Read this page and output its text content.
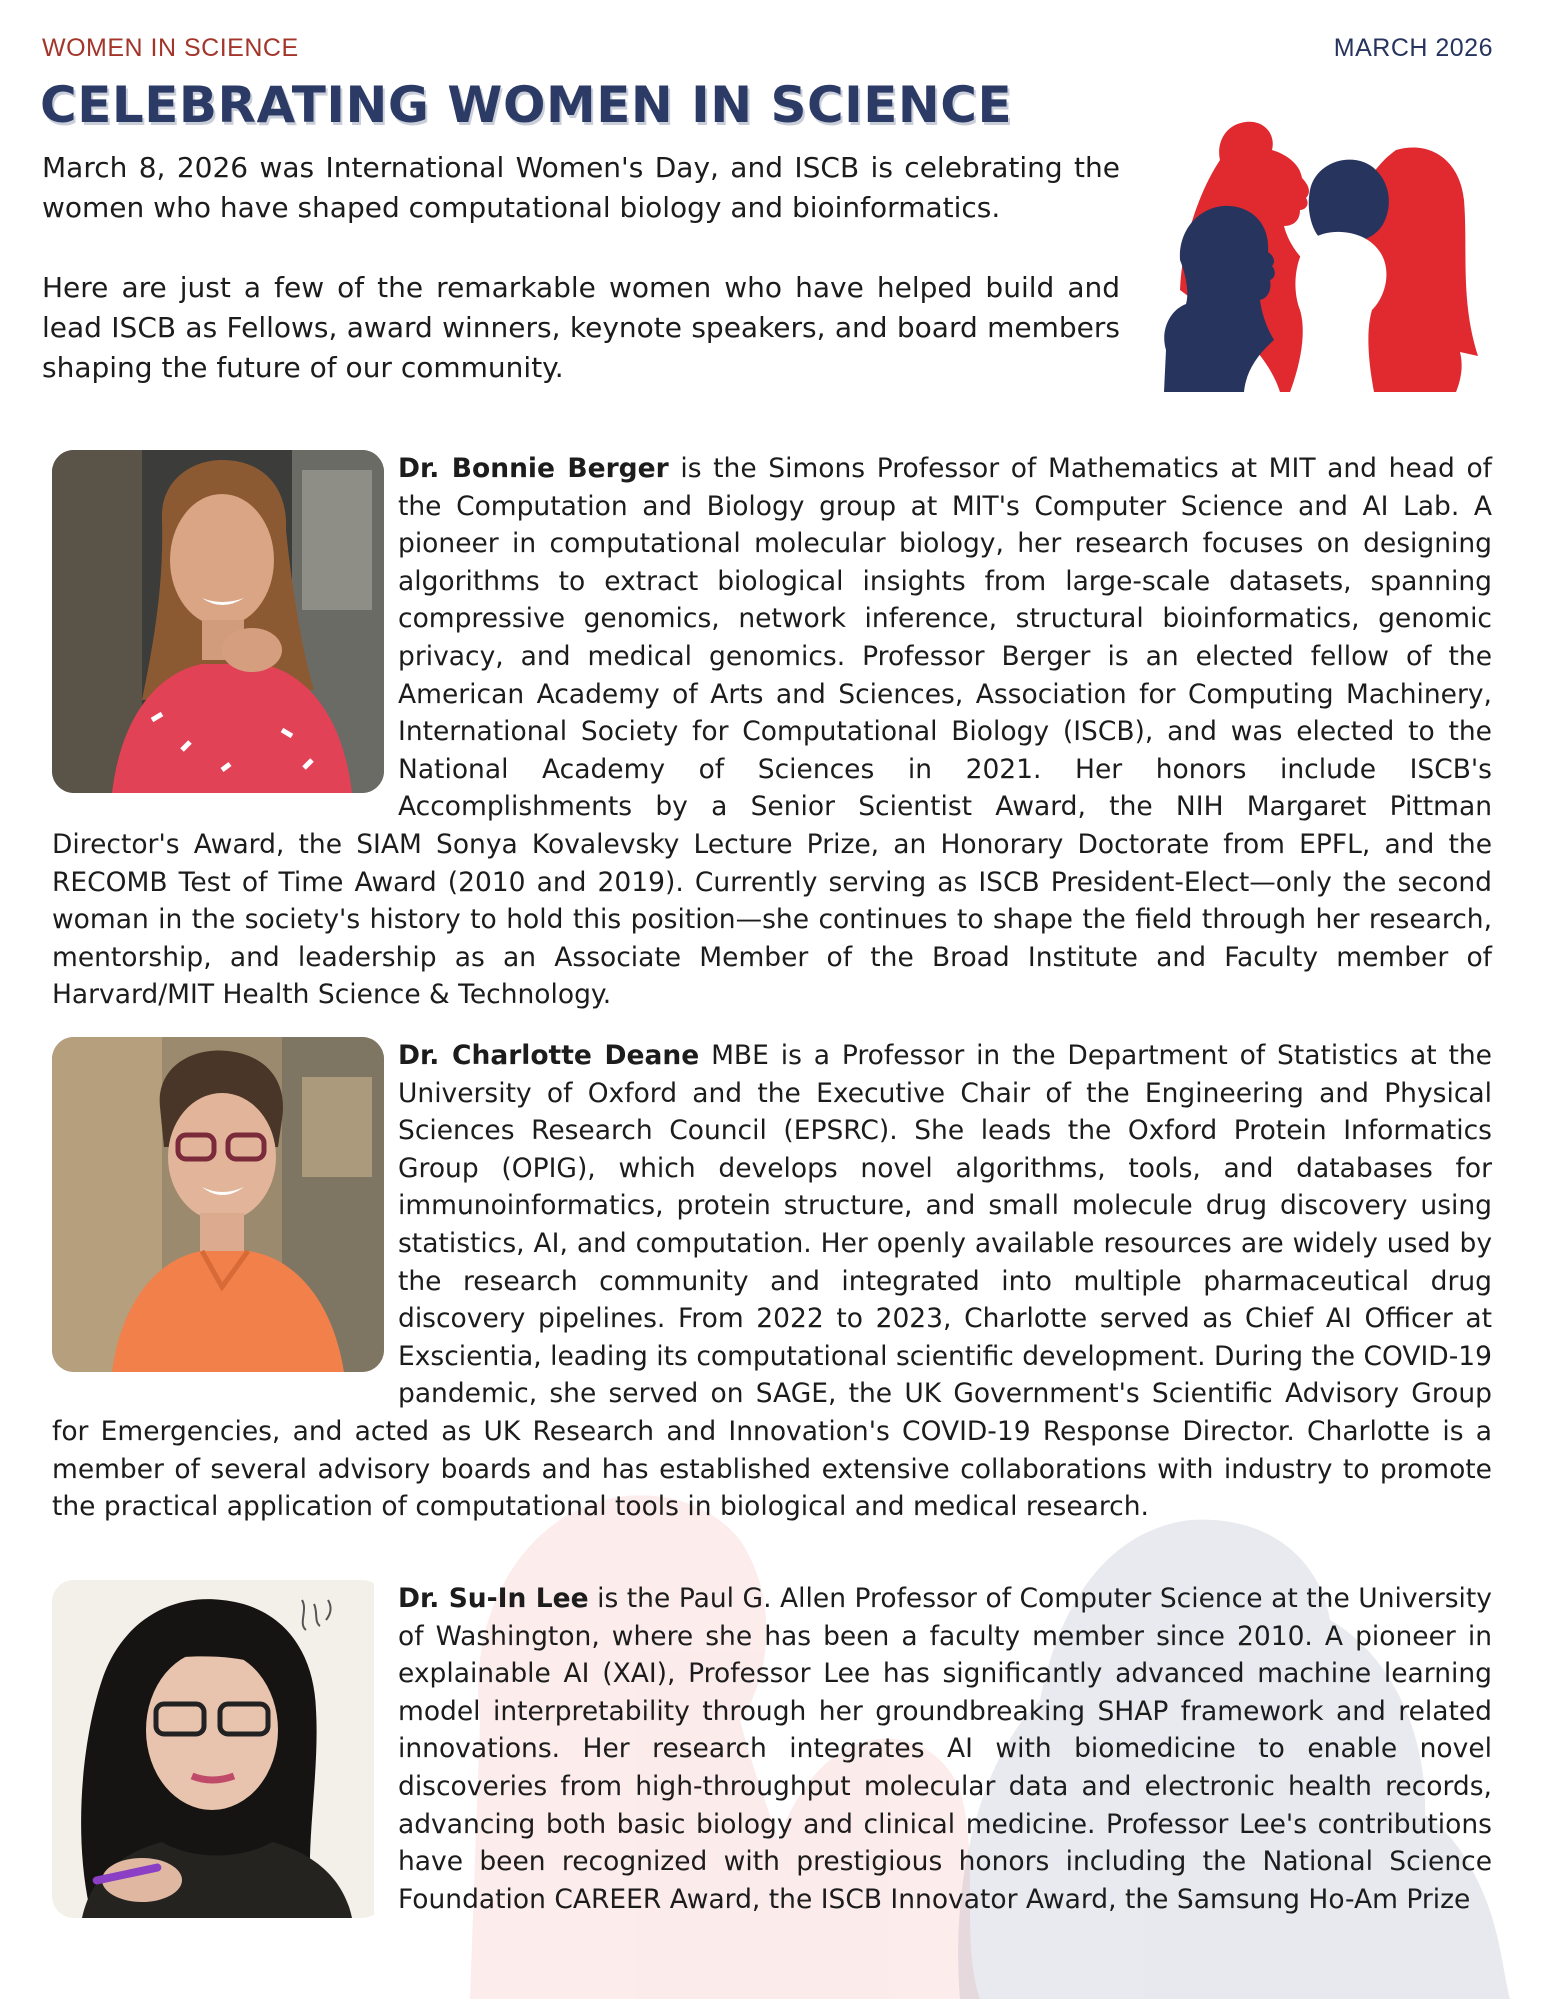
WOMEN IN SCIENCE	MARCH 2026
CELEBRATING WOMEN IN SCIENCE

March 8, 2026 was International Women's Day, and ISCB is celebrating the women who have shaped computational biology and bioinformatics.

Here are just a few of the remarkable women who have helped build and lead ISCB as Fellows, award winners, keynote speakers, and board members shaping the future of our community.

Dr. Bonnie Berger is the Simons Professor of Mathematics at MIT and head of the Computation and Biology group at MIT's Computer Science and AI Lab. A pioneer in computational molecular biology, her research focuses on designing algorithms to extract biological insights from large-scale datasets, spanning compressive genomics, network inference, structural bioinformatics, genomic privacy, and medical genomics. Professor Berger is an elected fellow of the American Academy of Arts and Sciences, Association for Computing Machinery, International Society for Computational Biology (ISCB), and was elected to the National Academy of Sciences in 2021. Her honors include ISCB's Accomplishments by a Senior Scientist Award, the NIH Margaret Pittman Director's Award, the SIAM Sonya Kovalevsky Lecture Prize, an Honorary Doctorate from EPFL, and the RECOMB Test of Time Award (2010 and 2019). Currently serving as ISCB President-Elect—only the second woman in the society's history to hold this position—she continues to shape the field through her research, mentorship, and leadership as an Associate Member of the Broad Institute and Faculty member of Harvard/MIT Health Science & Technology.

Dr. Charlotte Deane MBE is a Professor in the Department of Statistics at the University of Oxford and the Executive Chair of the Engineering and Physical Sciences Research Council (EPSRC). She leads the Oxford Protein Informatics Group (OPIG), which develops novel algorithms, tools, and databases for immunoinformatics, protein structure, and small molecule drug discovery using statistics, AI, and computation. Her openly available resources are widely used by the research community and integrated into multiple pharmaceutical drug discovery pipelines. From 2022 to 2023, Charlotte served as Chief AI Officer at Exscientia, leading its computational scientific development. During the COVID-19 pandemic, she served on SAGE, the UK Government's Scientific Advisory Group for Emergencies, and acted as UK Research and Innovation's COVID-19 Response Director. Charlotte is a member of several advisory boards and has established extensive collaborations with industry to promote the practical application of computational tools in biological and medical research.

Dr. Su-In Lee is the Paul G. Allen Professor of Computer Science at the University of Washington, where she has been a faculty member since 2010. A pioneer in explainable AI (XAI), Professor Lee has significantly advanced machine learning model interpretability through her groundbreaking SHAP framework and related innovations. Her research integrates AI with biomedicine to enable novel discoveries from high-throughput molecular data and electronic health records, advancing both basic biology and clinical medicine. Professor Lee's contributions have been recognized with prestigious honors including the National Science Foundation CAREER Award, the ISCB Innovator Award, the Samsung Ho-Am Prize
